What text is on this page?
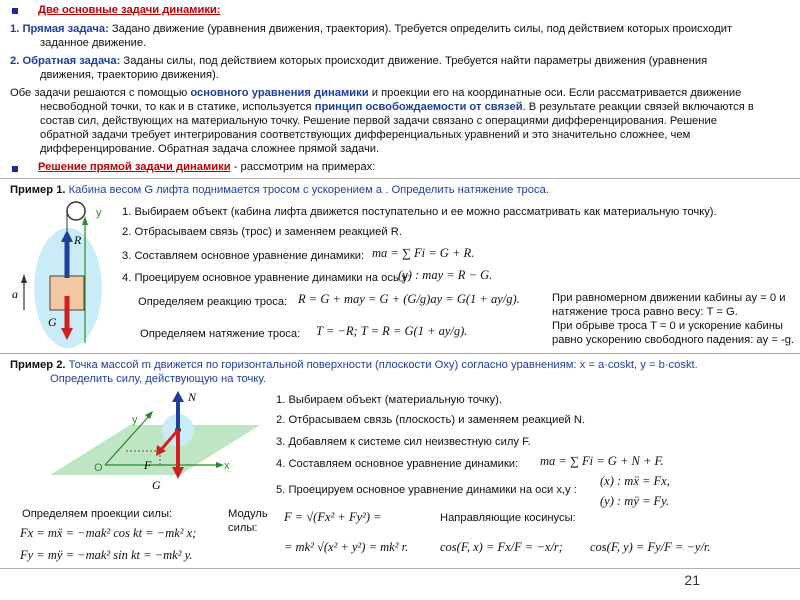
Две основные задачи динамики:
1. Прямая задача: Задано движение (уравнения движения, траектория). Требуется определить силы, под действием которых происходит
заданное движение.
2. Обратная задача: Заданы силы, под действием которых происходит движение. Требуется найти параметры движения (уравнения
движения, траекторию движения).
Обе задачи решаются с помощью основного уравнения динамики и проекции его на координатные оси. Если рассматривается движение
несвободной точки, то как и в статике, используется принцип освобождаемости от связей. В результате реакции связей включаются в
состав сил, действующих на материальную точку. Решение первой задачи связано с операциями дифференцирования. Решение
обратной задачи требует интегрирования соответствующих дифференциальных уравнений и это значительно сложнее, чем
дифференцирование. Обратная задача сложнее прямой задачи.
Решение прямой задачи динамики - рассмотрим на примерах:
Пример 1. Кабина весом G лифта поднимается тросом с ускорением a . Определить натяжение троса.
y
R
a
G
1. Выбираем объект (кабина лифта движется поступательно и ее можно рассматривать как материальную точку).
2. Отбрасываем связь (трос) и заменяем реакцией R.
3. Составляем основное уравнение динамики: ma = ∑ Fi = G + R.
4. Проецируем основное уравнение динамики на ось y:
(y) : may = R − G.
Определяем реакцию троса: R = G + may = G + (G/g)ay = G(1 + ay/g).
Определяем натяжение троса: T = −R; T = R = G(1 + ay/g).
При равномерном движении кабины ay = 0 и
натяжение троса равно весу: T = G.
При обрыве троса T = 0 и ускорение кабины
равно ускорению свободного падения: ay = -g.
Пример 2. Точка массой m движется по горизонтальной поверхности (плоскости Oxy) согласно уравнениям: x = a·coskt, y = b·coskt.
Определить силу, действующую на точку.
y
N
O	F	x
G
1. Выбираем объект (материальную точку).
2. Отбрасываем связь (плоскость) и заменяем реакцией N.
3. Добавляем к системе сил неизвестную силу F.
4. Составляем основное уравнение динамики: ma = ∑ Fi = G + N + F.
5. Проецируем основное уравнение динамики на оси x,y :
(x) : mẍ = Fx,
(y) : mÿ = Fy.
Определяем проекции силы:
Fx = mẍ = −mak² cos kt = −mk² x;
Fy = mÿ = −mak² sin kt = −mk² y.
Модуль
силы:
F = √(Fx² + Fy²) =
= mk² √(x² + y²) = mk² r.
Направляющие косинусы:
cos(F, x) = Fx/F = −x/r; cos(F, y) = Fy/F = −y/r.
21
